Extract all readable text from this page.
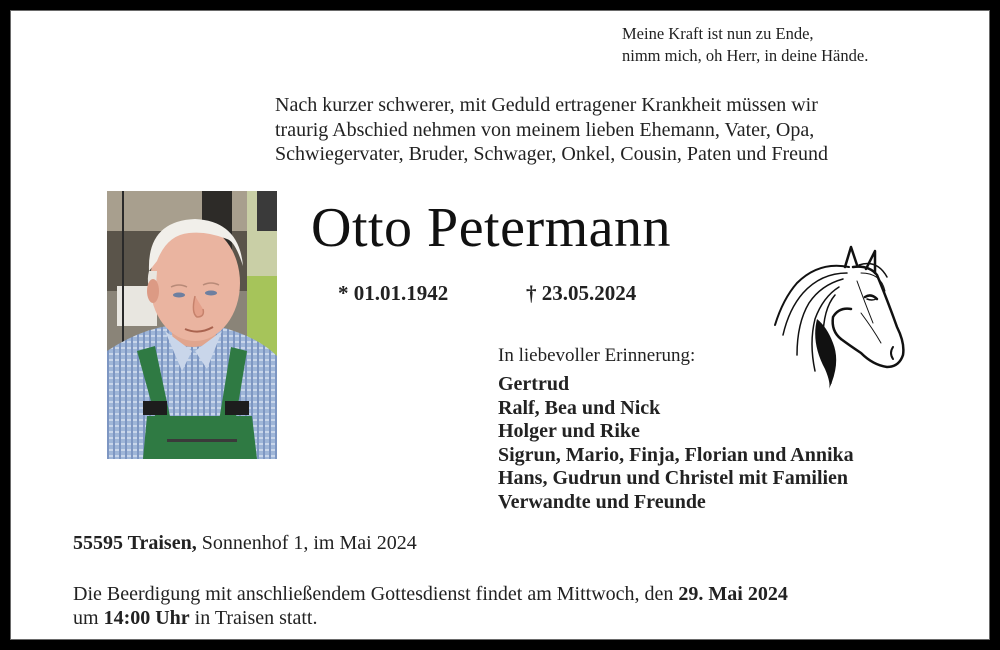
Meine Kraft ist nun zu Ende,
nimm mich, oh Herr, in deine Hände.
Nach kurzer schwerer, mit Geduld ertragener Krankheit müssen wir
traurig Abschied nehmen von meinem lieben Ehemann, Vater, Opa,
Schwiegervater, Bruder, Schwager, Onkel, Cousin, Paten und Freund
Otto Petermann
* 01.01.1942	† 23.05.2024
In liebevoller Erinnerung:
Gertrud
Ralf, Bea und Nick
Holger und Rike
Sigrun, Mario, Finja, Florian und Annika
Hans, Gudrun und Christel mit Familien
Verwandte und Freunde
55595 Traisen, Sonnenhof 1, im Mai 2024
Die Beerdigung mit anschließendem Gottesdienst findet am Mittwoch, den 29. Mai 2024
um 14:00 Uhr in Traisen statt.
